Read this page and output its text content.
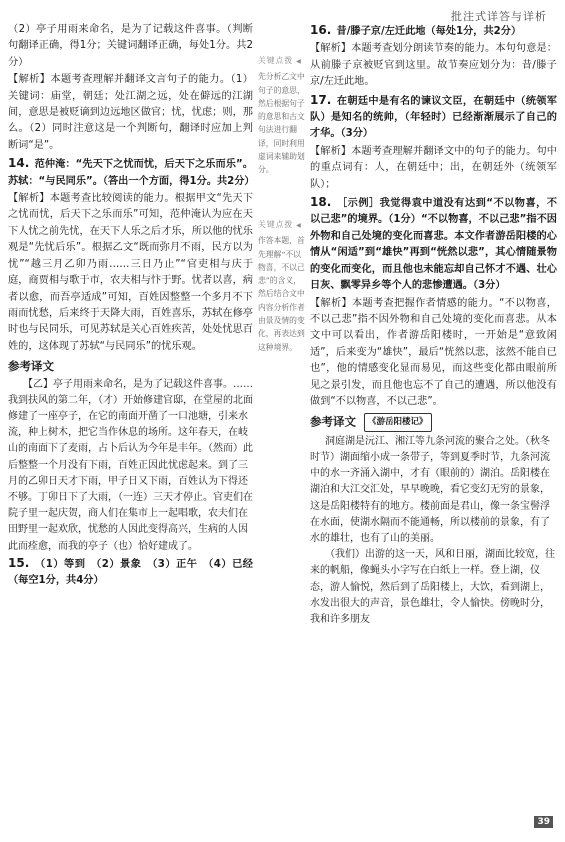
批注式详答与详析

（2）亭子用雨来命名，是为了记载这件喜事。（判断句翻译正确，得1分；关键词翻译正确，每处1分。共2分）

【解析】本题考查理解并翻译文言句子的能力。（1）关键词：庙堂，朝廷；处江湖之远，处在僻远的江湖间，意思是被贬谪到边远地区做官；忧，忧虑；则，那么。（2）同时注意这是一个判断句，翻译时应加上判断词“是”。

14. 范仲淹：“先天下之忧而忧，后天下之乐而乐”。苏轼：“与民同乐”。（答出一个方面，得1分。共2分）

【解析】本题考查比较阅读的能力。根据甲文“先天下之忧而忧，后天下之乐而乐”可知，范仲淹认为应在天下人忧之前先忧，在天下人乐之后才乐，所以他的忧乐观是“先忧后乐”。根据乙文“既而弥月不雨，民方以为忧”“越三月乙卯乃雨……三日乃止”“官吏相与庆于庭，商贾相与歌于市，农夫相与忭于野。忧者以喜，病者以愈，而吾亭适成”可知，百姓因整整一个多月不下雨而忧愁，后来终于天降大雨，百姓喜乐，苏轼在修亭时也与民同乐，可见苏轼是关心百姓疾苦，处处忧思百姓的，这体现了苏轼“与民同乐”的忧乐观。

参考译文

【乙】亭子用雨来命名，是为了记载这件喜事。……我到扶风的第二年，（才）开始修建官邸，在堂屋的北面修建了一座亭子，在它的南面开凿了一口池塘，引来水流，种上树木，把它当作休息的场所。这年春天，在岐山的南面下了麦雨，占卜后认为今年是丰年。（然而）此后整整一个月没有下雨，百姓正因此忧虑起来。到了三月的乙卯日天才下雨，甲子日又下雨，百姓认为下得还不够。丁卯日下了大雨，（一连）三天才停止。官吏们在院子里一起庆贺，商人们在集市上一起唱歌，农夫们在田野里一起欢欣，忧愁的人因此变得高兴，生病的人因此而痊愈，而我的亭子（也）恰好建成了。

15. （1）等到　（2）景象　（3）正午　（4）已经（每空1分，共4分）

关键点拨 ◀
先分析乙文中句子的意思，然后根据句子的意思和古文句法进行翻译，同时利用虚词来辅助划分。
关键点拨 ◀
作答本题，首先理解“不以物喜，不以己悲”的含义，然后结合文中内容分析作者由景及情的变化，再表达到这种境界。

16. 昔/滕子京/左迁此地（每处1分，共2分）

【解析】本题考查划分朗读节奏的能力。本句句意是：从前滕子京被贬官到这里。故节奏应划分为：昔/滕子京/左迁此地。

17. 在朝廷中是有名的谏议文臣，在朝廷中（统领军队）是知名的统帅，（年轻时）已经渐渐展示了自己的才华。（3分）

【解析】本题考查理解并翻译文中的句子的能力。句中的重点词有：人，在朝廷中；出，在朝廷外（统领军队）；

18. ［示例］我觉得袁中道没有达到“不以物喜，不以己悲”的境界。（1分）“不以物喜，不以己悲”指不因外物和自己处境的变化而喜悲。本文作者游岳阳楼的心情从“闲适”到“雄快”再到“恍然以悲”，其心情随景物的变化而变化，而且他也未能忘却自己怀才不遇、壮心日灰、飘零异乡等个人的悲惨遭遇。（3分）

【解析】本题考查把握作者情感的能力。“不以物喜，不以己悲”指不因外物和自己处境的变化而喜悲。从本文中可以看出，作者游岳阳楼时，一开始是“意致闲适”，后来变为“雄快”，最后“恍然以悲，泫然不能自已也”，他的情感变化显而易见，而这些变化都由眼前所见之景引发，而且他也忘不了自己的遭遇，所以他没有做到“不以物喜，不以己悲”。

参考译文 《游岳阳楼记》

洞庭湖是沅江、湘江等九条河流的聚合之处。（秋冬时节）湖面缩小成一条带子，等到夏季时节，九条河流中的水一齐涌入湖中，才有（眼前的）湖泊。岳阳楼在湖泊和大江交汇处，早早晚晚，看它变幻无穷的景象，这是岳阳楼特有的地方。楼前面是君山，像一条宝髻浮在水面，使湖水隔而不能通畅，所以楼前的景象，有了水的雄壮，也有了山的美丽。

（我们）出游的这一天，风和日丽，湖面比较宽，往来的帆船，像蝇头小字写在白纸上一样。登上湖，仪态，游人愉悦，然后到了岳阳楼上，大饮，看到湖上，水发出很大的声音，景色雄壮，令人愉快。傍晚时分，我和许多朋友

39
